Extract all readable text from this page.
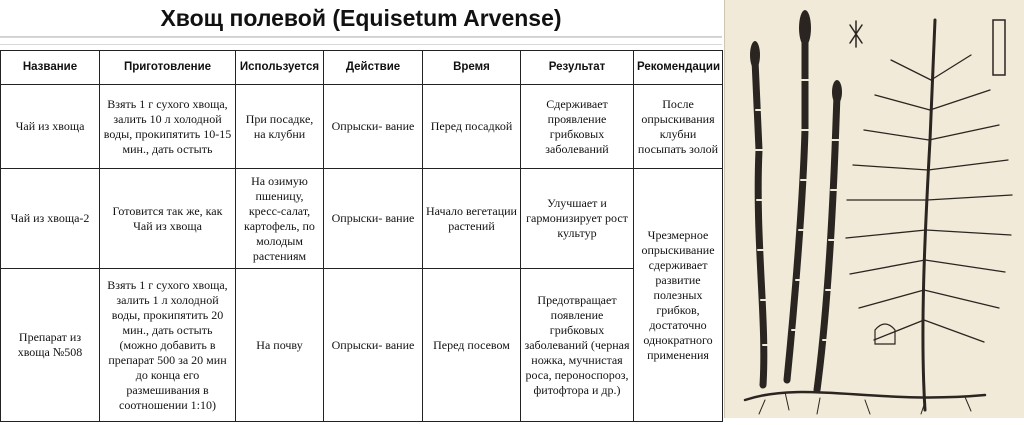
Хвощ полевой (Equisetum Arvense)
Название	Приготовление	Используется	Действие	Время	Результат	Рекомендации
Чай из хвоща	Взять 1 г сухого хвоща, залить 10 л холодной воды, прокипятить 10-15 мин., дать остыть	При посадке, на клубни	Опрыски- вание	Перед посадкой	Сдерживает проявление грибковых заболеваний	После опрыскивания клубни посыпать золой
Чай из хвоща-2	Готовится так же, как Чай из хвоща	На озимую пшеницу, кресс-салат, картофель, по молодым растениям	Опрыски- вание	Начало вегетации растений	Улучшает и гармонизирует рост культур	Чрезмерное опрыскивание сдерживает развитие полезных грибков, достаточно однократного применения
Препарат из хвоща №508	Взять 1 г сухого хвоща, залить 1 л холодной воды, прокипятить 20 мин., дать остыть (можно добавить в препарат 500 за 20 мин до конца его размешивания в соотношении 1:10)	На почву	Опрыски- вание	Перед посевом	Предотвращает появление грибковых заболеваний (черная ножка, мучнистая роса, пероноспороз, фитофтора и др.)	
